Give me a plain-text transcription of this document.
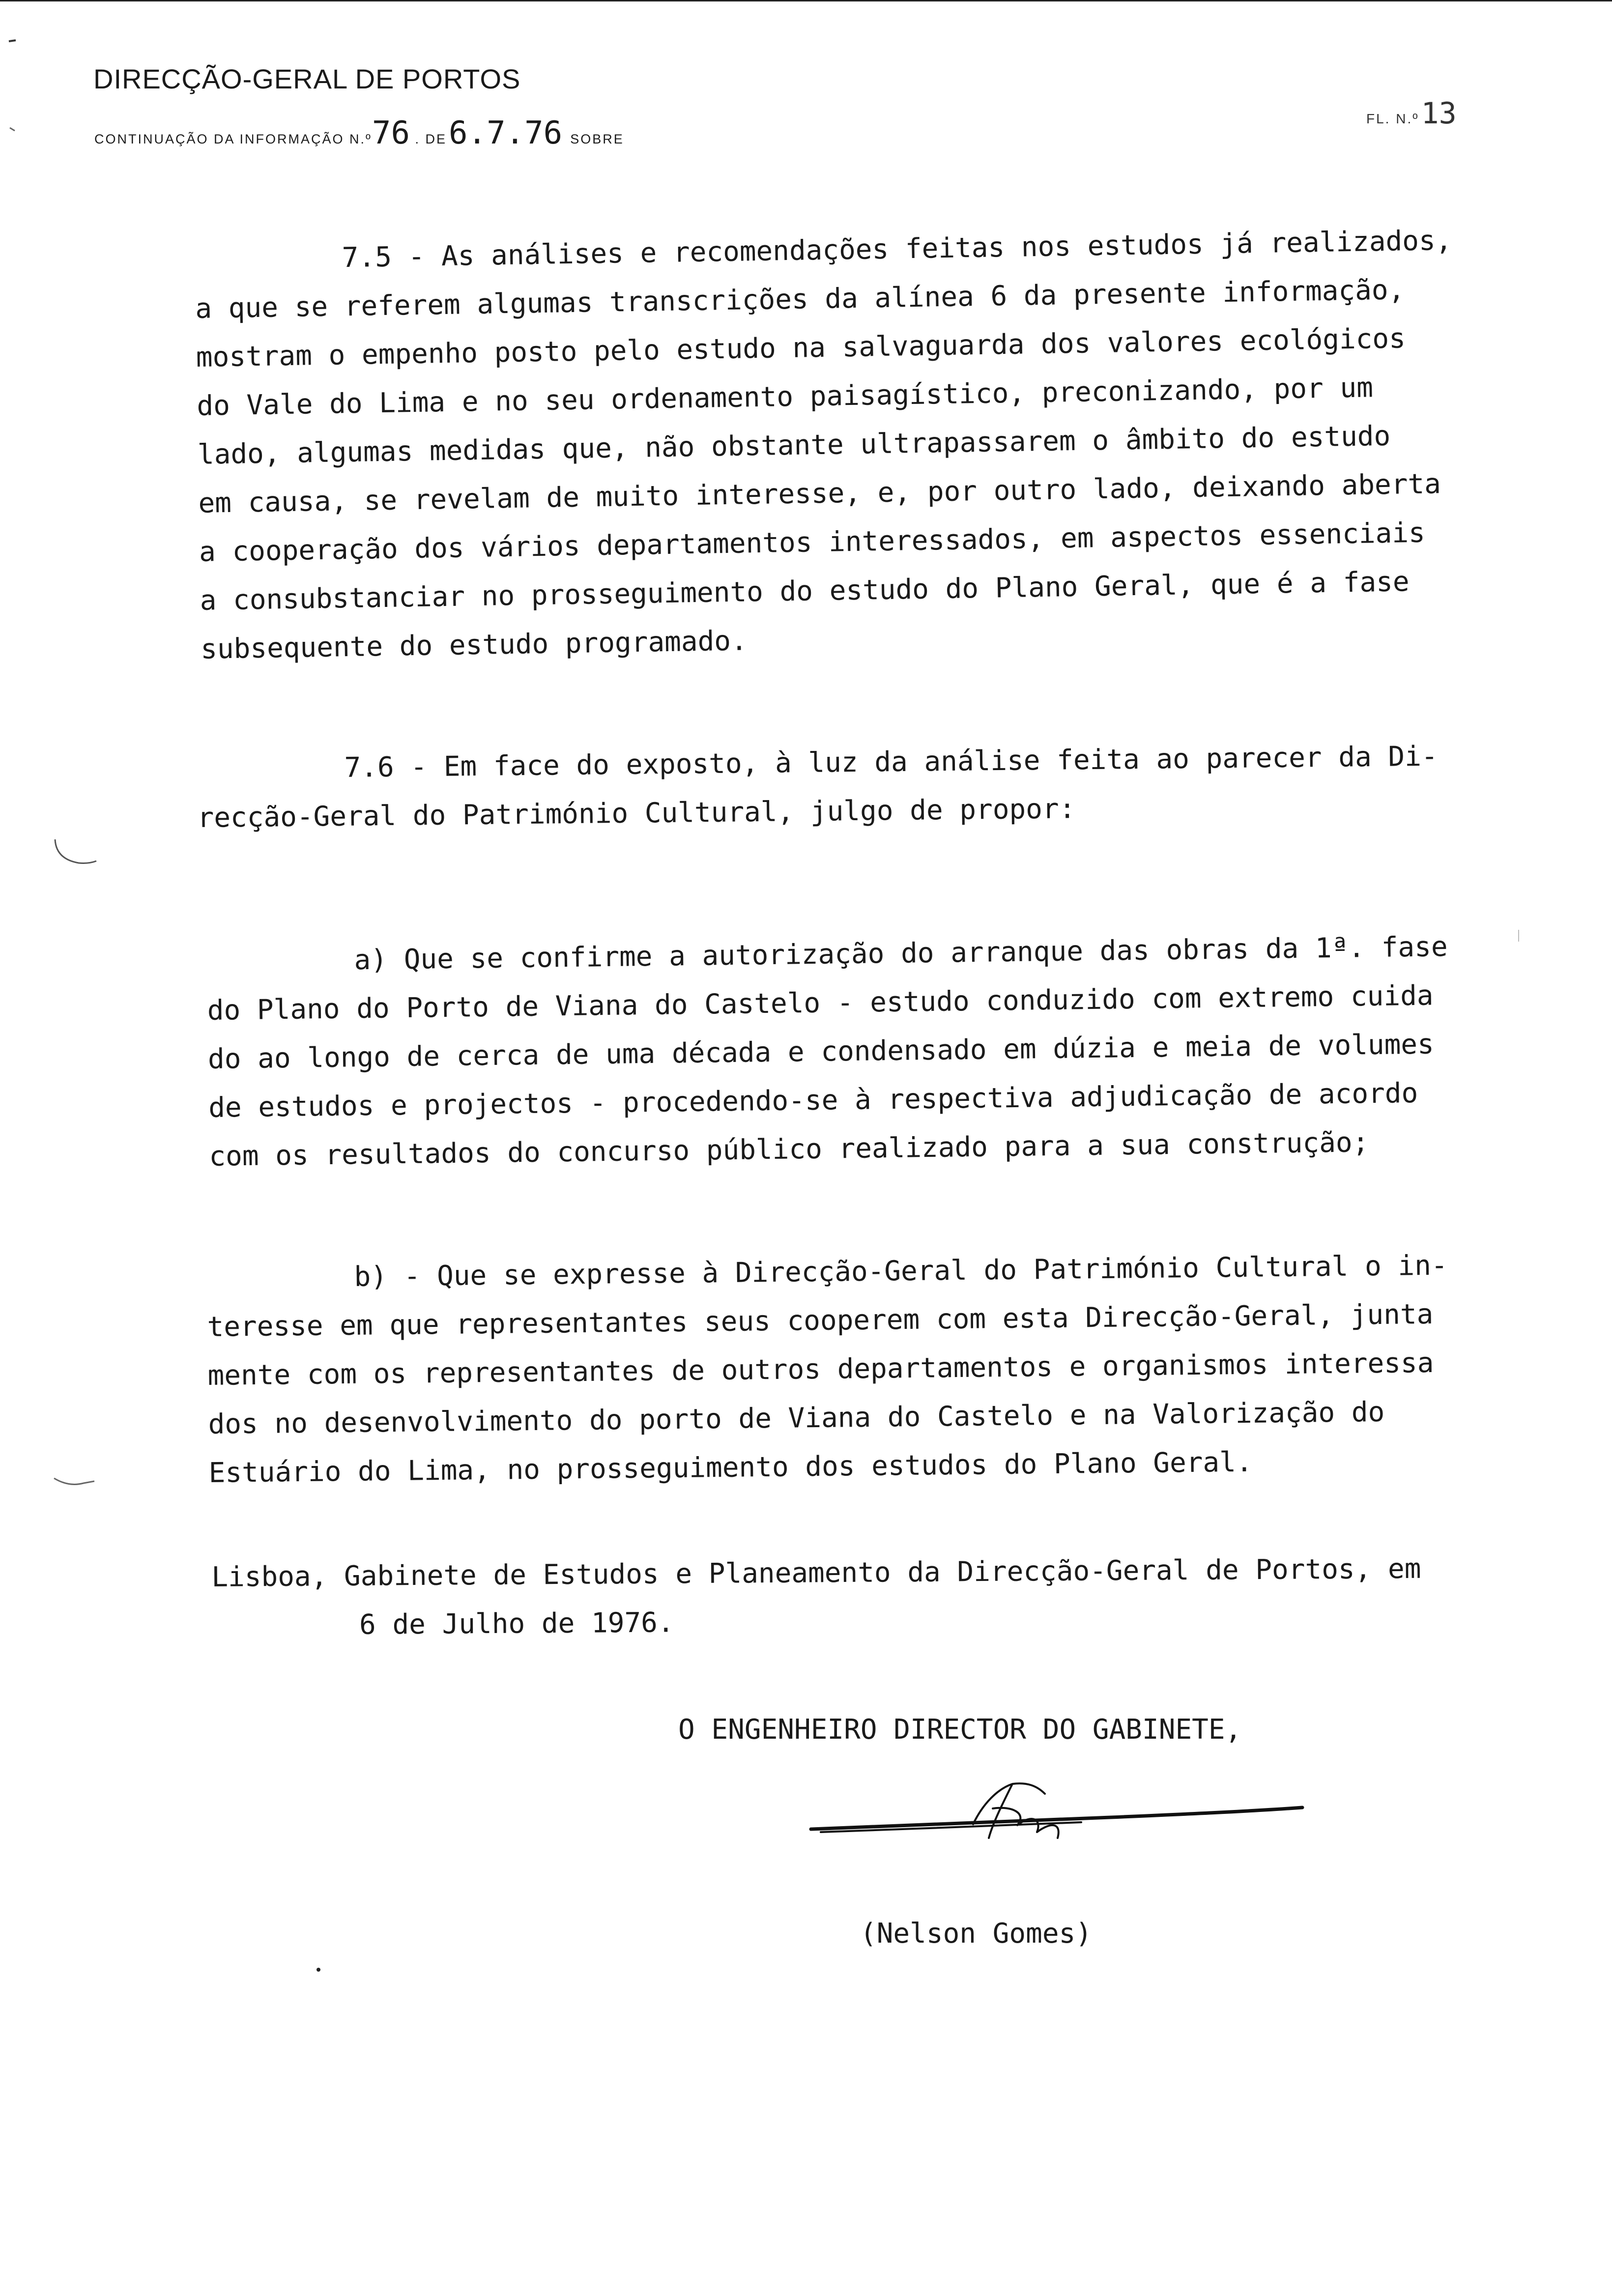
DIRECÇÃO-GERAL DE PORTOS
CONTINUAÇÃO DA INFORMAÇÃO N.º76 . DE 6.7.76 SOBRE
FL. N.º 13

7.5 - As análises e recomendações feitas nos estudos já realizados,

a que se referem algumas transcrições da alínea 6 da presente informação,

mostram o empenho posto pelo estudo na salvaguarda dos valores ecológicos

do Vale do Lima e no seu ordenamento paisagístico, preconizando, por um

lado, algumas medidas que, não obstante ultrapassarem o âmbito do estudo

em causa, se revelam de muito interesse, e, por outro lado, deixando aberta

a cooperação dos vários departamentos interessados, em aspectos essenciais

a consubstanciar no prosseguimento do estudo do Plano Geral, que é a fase

subsequente do estudo programado.

7.6 - Em face do exposto, à luz da análise feita ao parecer da Di-

recção-Geral do Património Cultural, julgo de propor:

a) Que se confirme a autorização do arranque das obras da 1ª. fase

do Plano do Porto de Viana do Castelo - estudo conduzido com extremo cuida

do ao longo de cerca de uma década e condensado em dúzia e meia de volumes

de estudos e projectos - procedendo-se à respectiva adjudicação de acordo

com os resultados do concurso público realizado para a sua construção;

b) - Que se expresse à Direcção-Geral do Património Cultural o in-

teresse em que representantes seus cooperem com esta Direcção-Geral, junta

mente com os representantes de outros departamentos e organismos interessa

dos no desenvolvimento do porto de Viana do Castelo e na Valorização do

Estuário do Lima, no prosseguimento dos estudos do Plano Geral.

Lisboa, Gabinete de Estudos e Planeamento da Direcção-Geral de Portos, em

6 de Julho de 1976.

O ENGENHEIRO DIRECTOR DO GABINETE,

(Nelson Gomes)
